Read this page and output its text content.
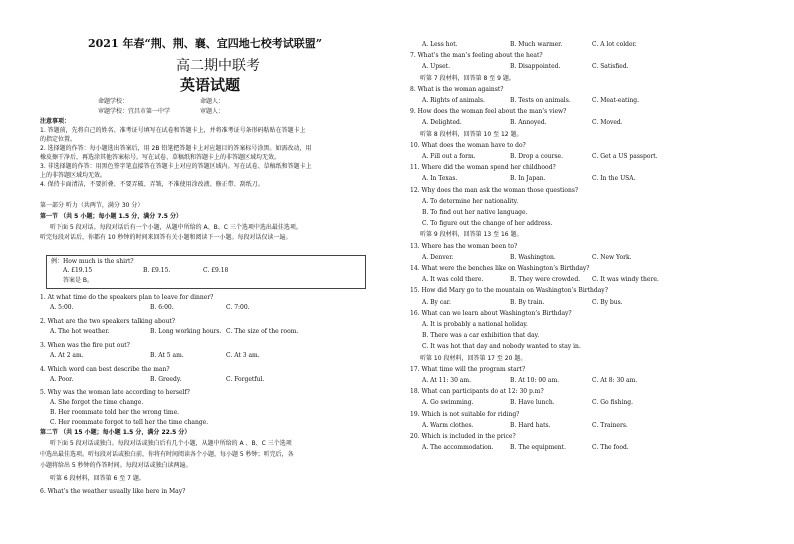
2021 年春“荆、荆、襄、宜四地七校考试联盟”
高二期中联考
英语试题
命题学校：	命题人：
审题学校：宜昌市第一中学	审题人：
注意事项：
1. 答题前，先将自己的姓名、准考证号填写在试卷和答题卡上，并将准考证号条形码粘贴在答题卡上
的指定位置。
2. 选择题的作答：每小题选出答案后，用 2B 铅笔把答题卡上对应题目的答案标号涂黑。如需改动，用
橡皮擦干净后，再选涂其他答案标号。写在试卷、草稿纸和答题卡上的非答题区域均无效。
3. 非选择题的作答：用黑色签字笔直接答在答题卡上对应的答题区域内。写在试卷、草稿纸和答题卡上
上的非答题区域均无效。
4. 保持卡面清洁，不要折叠、不要弄破、弄皱，不准使用涂改液、修正带、刮纸刀。
第一部分 听力（共两节，满分 30 分）
第一节 （共 5 小题；每小题 1.5 分，满分 7.5 分）
听下面 5 段对话。每段对话后有一个小题，从题中所给的 A、B、C 三个选项中选出最佳选项。
听完每段对话后，你都有 10 秒钟的时间来回答有关小题和阅读下一小题。每段对话仅读一遍。
例：How much is the shirt?
A. £19.15	B. £9.15.	C. £9.18
答案是 B。
1. At what time do the speakers plan to leave for dinner?
A. 5:00.	B. 6:00.	C. 7:00.
2. What are the two speakers talking about?
A. The hot weather.	B. Long working hours. C. The size of the room.
3. When was the fire put out?
A. At 2 am.	B. At 5 am.	C. At 3 am.
4. Which word can best describe the man?
A. Poor.	B. Greedy.	C. Forgetful.
5. Why was the woman late according to herself?
A. She forgot the time change.
B. Her roommate told her the wrong time.
C. Her roommate forgot to tell her the time change.
第二节 （共 15 小题；每小题 1.5 分，满分 22.5 分）
听下面 5 段对话或独白。每段对话或独白后有几个小题，从题中所给的 A 、B、C 三个选项
中选出最佳选项。听每段对话或独白前，你将有时间阅读各个小题，每小题 5 秒钟；听完后，各
小题将给出 5 秒钟的作答时间。每段对话或独白读两遍。
听第 6 段材料，回答第 6 至 7 题。
6. What’s the weather usually like here in May?
A. Less hot.	B. Much warmer.	C. A lot colder.
7. What’s the man’s feeling about the heat?
A. Upset.	B. Disappointed.	C. Satisfied.
听第 7 段材料，回答第 8 至 9 题。
8. What is the woman against?
A. Rights of animals.	B. Tests on animals.	C. Meat-eating.
9. How does the woman feel about the man’s view?
A. Delighted.	B. Annoyed.	C. Moved.
听第 8 段材料，回答第 10 至 12 题。
10. What does the woman have to do?
A. Fill out a form.	B. Drop a course.	C. Get a US passport.
11. Where did the woman spend her childhood?
A. In Texas.	B. In Japan.	C. In the USA.
12. Why does the man ask the woman those questions?
A. To determine her nationality.
B. To find out her native language.
C. To figure out the change of her address.
听第 9 段材料，回答第 13 至 16 题。
13. Where has the woman been to?
A. Denver.	B. Washington.	C. New York.
14. What were the benches like on Washington’s Birthday?
A. It was cold there.	B. They were crowded. C. It was windy there.
15. How did Mary go to the mountain on Washington’s Birthday?
A. By car.	B. By train.	C. By bus.
16. What can we learn about Washington’s Birthday?
A. It is probably a national holiday.
B. There was a car exhibition that day.
C. It was hot that day and nobody wanted to stay in.
听第 10 段材料，回答第 17 至 20 题。
17. What time will the program start?
A. At 11: 30 am.	B. At 10: 00 am.	C. At 8: 30 am.
18. What can participants do at 12: 30 p.m?
A. Go swimming.	B. Have lunch.	C. Go fishing.
19. Which is not suitable for riding?
A. Warm clothes.	B. Hard hats.	C. Trainers.
20. Which is included in the price?
A. The accommodation.	B. The equipment.	C. The food.
